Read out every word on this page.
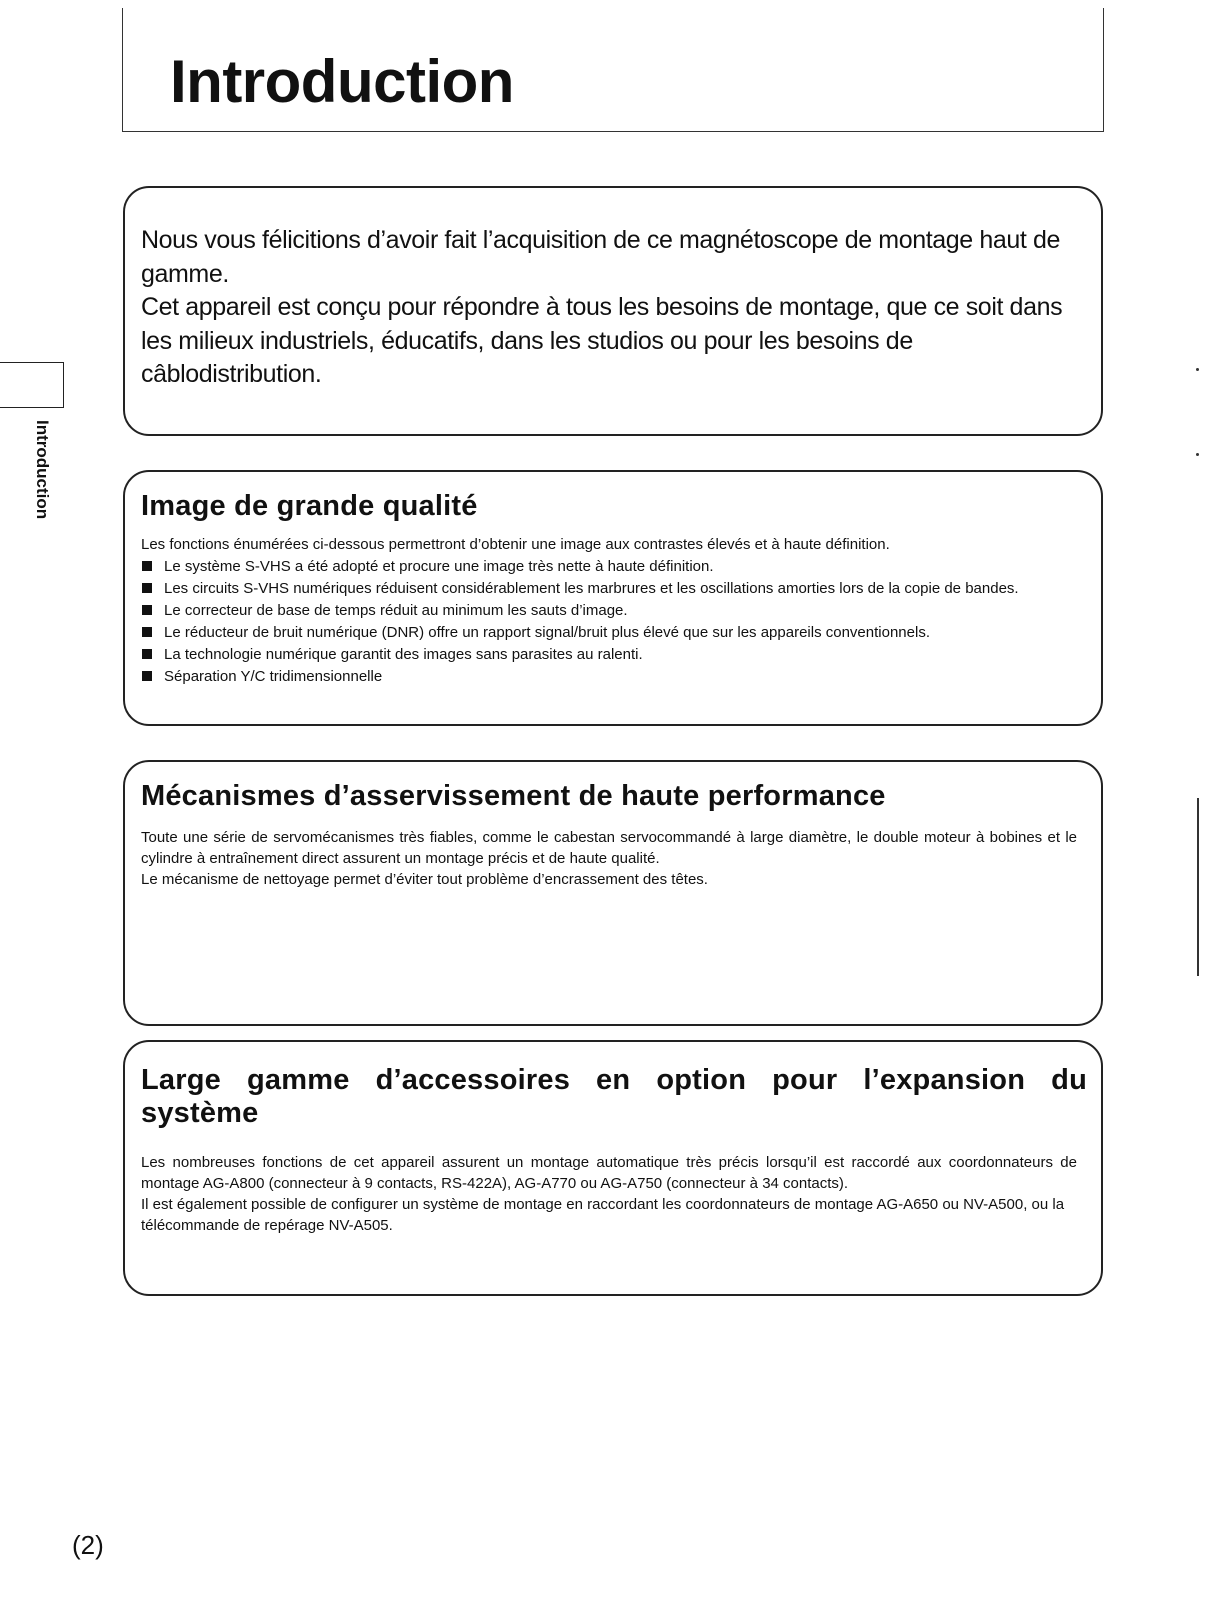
Introduction
Introduction

Nous vous félicitions d’avoir fait l’acquisition de ce magnétoscope de montage haut de gamme.
Cet appareil est conçu pour répondre à tous les besoins de montage, que ce soit dans les milieux industriels, éducatifs, dans les studios ou pour les besoins de câblodistribution.

Image de grande qualité

Les fonctions énumérées ci-dessous permettront d’obtenir une image aux contrastes élevés et à haute définition.

Le système S-VHS a été adopté et procure une image très nette à haute définition.
Les circuits S-VHS numériques réduisent considérablement les marbrures et les oscillations amorties lors de la copie de bandes.
Le correcteur de base de temps réduit au minimum les sauts d’image.
Le réducteur de bruit numérique (DNR) offre un rapport signal/bruit plus élevé que sur les appareils conventionnels.
La technologie numérique garantit des images sans parasites au ralenti.
Séparation Y/C tridimensionnelle
Mécanismes d’asservissement de haute performance

Toute une série de servomécanismes très fiables, comme le cabestan servocommandé à large diamètre, le double moteur à bobines et le cylindre à entraînement direct assurent un montage précis et de haute qualité.

Le mécanisme de nettoyage permet d’éviter tout problème d’encrassement des têtes.

Large gamme d’accessoires en option pour l’expansion du système

Les nombreuses fonctions de cet appareil assurent un montage automatique très précis lorsqu’il est raccordé aux coordonnateurs de montage AG-A800 (connecteur à 9 contacts, RS-422A), AG-A770 ou AG-A750 (connecteur à 34 contacts).

Il est également possible de configurer un système de montage en raccordant les coordonnateurs de montage AG-A650 ou NV-A500, ou la télécommande de repérage NV-A505.

(2)
